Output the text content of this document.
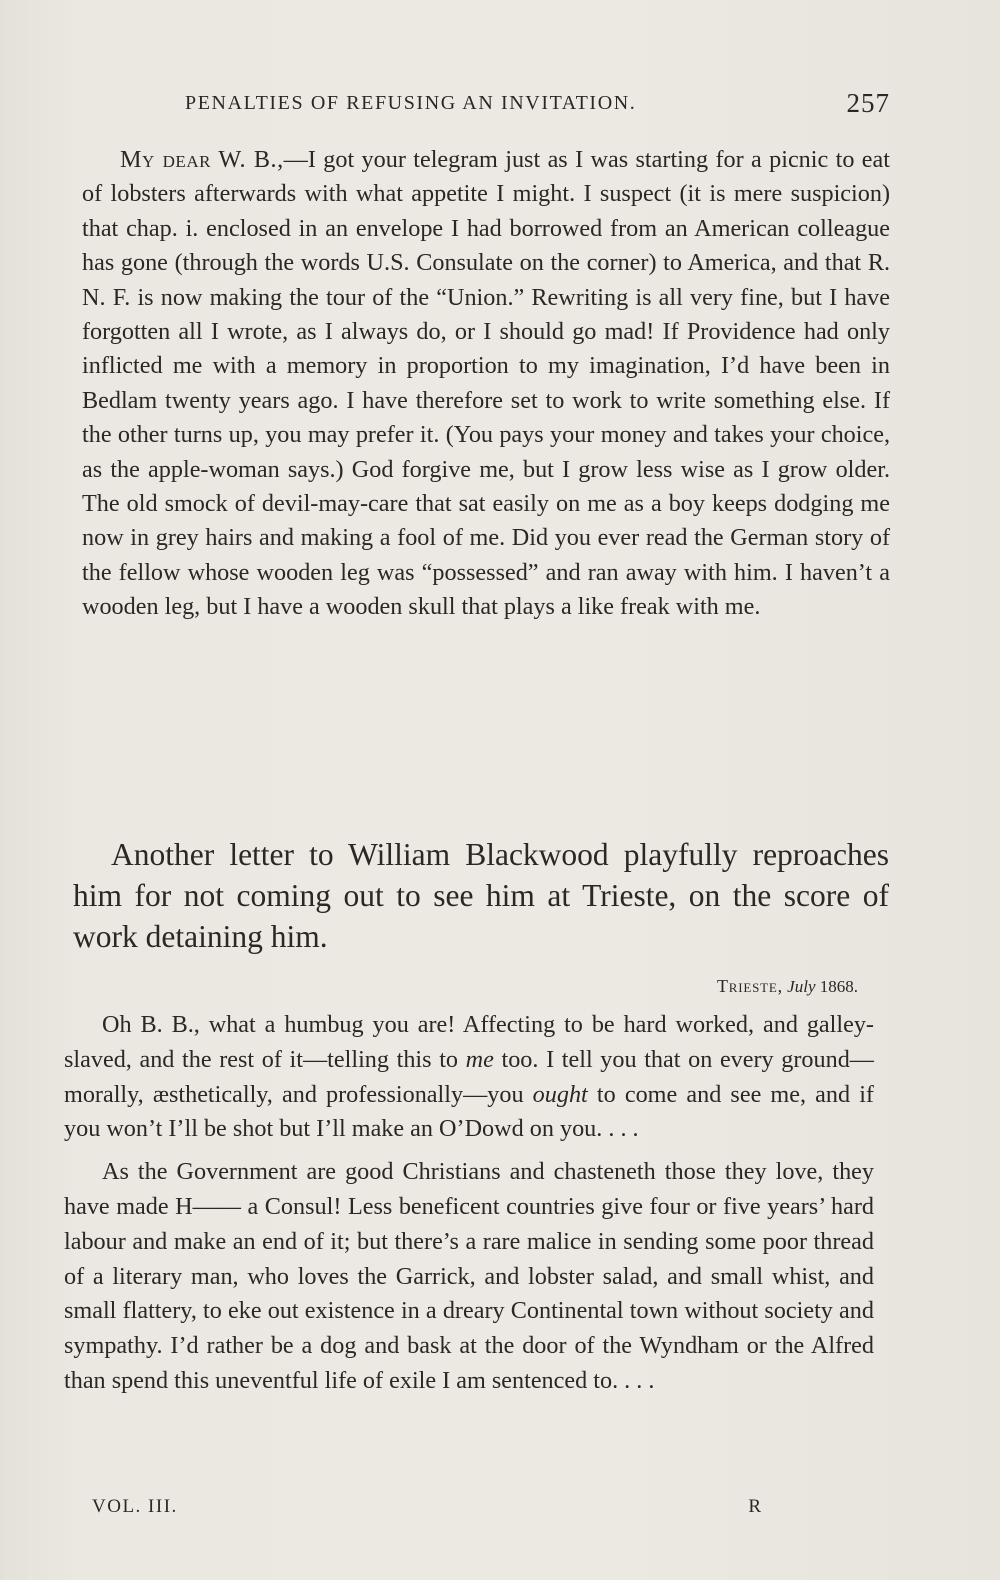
PENALTIES OF REFUSING AN INVITATION.	257

My dear W. B.,—I got your telegram just as I was starting for a picnic to eat of lobsters afterwards with what appetite I might. I suspect (it is mere suspicion) that chap. i. enclosed in an envelope I had borrowed from an American colleague has gone (through the words U.S. Consulate on the corner) to America, and that R. N. F. is now making the tour of the “Union.” Rewriting is all very fine, but I have forgotten all I wrote, as I always do, or I should go mad! If Providence had only inflicted me with a memory in proportion to my imagination, I’d have been in Bedlam twenty years ago. I have therefore set to work to write something else. If the other turns up, you may prefer it. (You pays your money and takes your choice, as the apple-woman says.) God forgive me, but I grow less wise as I grow older. The old smock of devil-may-care that sat easily on me as a boy keeps dodging me now in grey hairs and making a fool of me. Did you ever read the German story of the fellow whose wooden leg was “possessed” and ran away with him. I haven’t a wooden leg, but I have a wooden skull that plays a like freak with me.

Another letter to William Blackwood playfully reproaches him for not coming out to see him at Trieste, on the score of work detaining him.

Trieste, July 1868.

Oh B. B., what a humbug you are! Affecting to be hard worked, and galley-slaved, and the rest of it—telling this to me too. I tell you that on every ground—morally, æsthetically, and professionally—you ought to come and see me, and if you won’t I’ll be shot but I’ll make an O’Dowd on you. . . .

As the Government are good Christians and chasteneth those they love, they have made H—— a Consul! Less beneficent countries give four or five years’ hard labour and make an end of it; but there’s a rare malice in sending some poor thread of a literary man, who loves the Garrick, and lobster salad, and small whist, and small flattery, to eke out existence in a dreary Continental town without society and sympathy. I’d rather be a dog and bask at the door of the Wyndham or the Alfred than spend this uneventful life of exile I am sentenced to. . . .

VOL. III.	R
